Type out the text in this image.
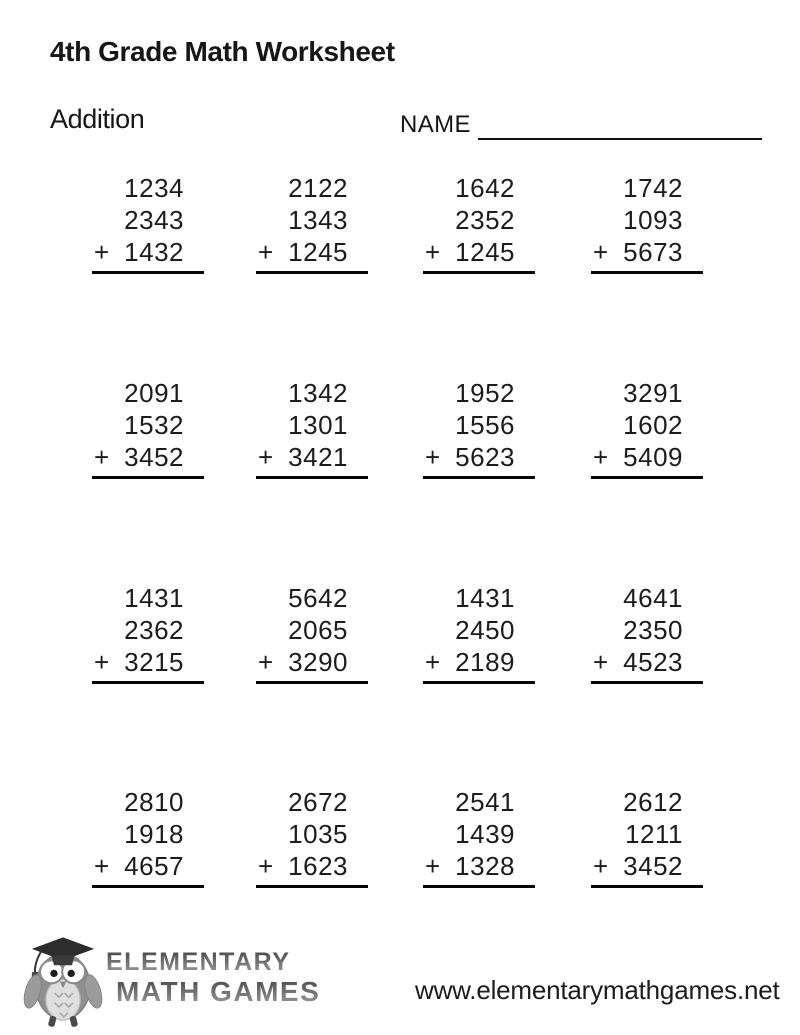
4th Grade Math Worksheet
Addition	NAME
1234
2343
+ 1432
2122
1343
+ 1245
1642
2352
+ 1245
1742
1093
+ 5673
2091
1532
+ 3452
1342
1301
+ 3421
1952
1556
+ 5623
3291
1602
+ 5409
1431
2362
+ 3215
5642
2065
+ 3290
1431
2450
+ 2189
4641
2350
+ 4523
2810
1918
+ 4657
2672
1035
+ 1623
2541
1439
+ 1328
2612
1211
+ 3452
ELEMENTARY
MATH GAMES	www.elementarymathgames.net
